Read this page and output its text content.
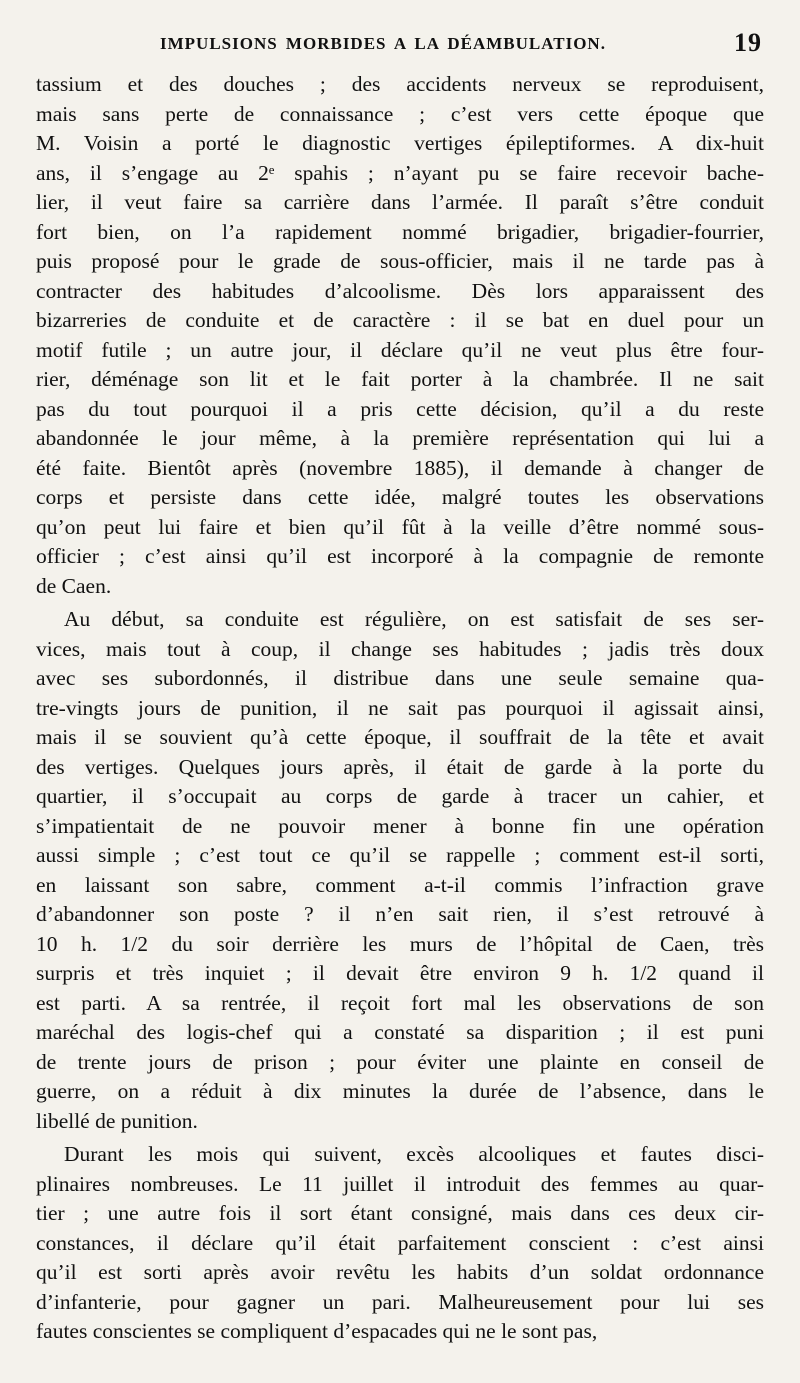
IMPULSIONS MORBIDES A LA DÉAMBULATION.	19
tassium et des douches ; des accidents nerveux se reproduisent,
mais sans perte de connaissance ; c’est vers cette époque que
M. Voisin a porté le diagnostic vertiges épileptiformes. A dix-huit
ans, il s’engage au 2ᵉ spahis ; n’ayant pu se faire recevoir bache-
lier, il veut faire sa carrière dans l’armée. Il paraît s’être conduit
fort bien, on l’a rapidement nommé brigadier, brigadier-fourrier,
puis proposé pour le grade de sous-officier, mais il ne tarde pas à
contracter des habitudes d’alcoolisme. Dès lors apparaissent des
bizarreries de conduite et de caractère : il se bat en duel pour un
motif futile ; un autre jour, il déclare qu’il ne veut plus être four-
rier, déménage son lit et le fait porter à la chambrée. Il ne sait
pas du tout pourquoi il a pris cette décision, qu’il a du reste
abandonnée le jour même, à la première représentation qui lui a
été faite. Bientôt après (novembre 1885), il demande à changer de
corps et persiste dans cette idée, malgré toutes les observations
qu’on peut lui faire et bien qu’il fût à la veille d’être nommé sous-
officier ; c’est ainsi qu’il est incorporé à la compagnie de remonte
de Caen.
Au début, sa conduite est régulière, on est satisfait de ses ser-
vices, mais tout à coup, il change ses habitudes ; jadis très doux
avec ses subordonnés, il distribue dans une seule semaine qua-
tre-vingts jours de punition, il ne sait pas pourquoi il agissait ainsi,
mais il se souvient qu’à cette époque, il souffrait de la tête et avait
des vertiges. Quelques jours après, il était de garde à la porte du
quartier, il s’occupait au corps de garde à tracer un cahier, et
s’impatientait de ne pouvoir mener à bonne fin une opération
aussi simple ; c’est tout ce qu’il se rappelle ; comment est-il sorti,
en laissant son sabre, comment a-t-il commis l’infraction grave
d’abandonner son poste ? il n’en sait rien, il s’est retrouvé à
10 h. 1/2 du soir derrière les murs de l’hôpital de Caen, très
surpris et très inquiet ; il devait être environ 9 h. 1/2 quand il
est parti. A sa rentrée, il reçoit fort mal les observations de son
maréchal des logis-chef qui a constaté sa disparition ; il est puni
de trente jours de prison ; pour éviter une plainte en conseil de
guerre, on a réduit à dix minutes la durée de l’absence, dans le
libellé de punition.
Durant les mois qui suivent, excès alcooliques et fautes disci-
plinaires nombreuses. Le 11 juillet il introduit des femmes au quar-
tier ; une autre fois il sort étant consigné, mais dans ces deux cir-
constances, il déclare qu’il était parfaitement conscient : c’est ainsi
qu’il est sorti après avoir revêtu les habits d’un soldat ordonnance
d’infanterie, pour gagner un pari. Malheureusement pour lui ses
fautes conscientes se compliquent d’espacades qui ne le sont pas,
